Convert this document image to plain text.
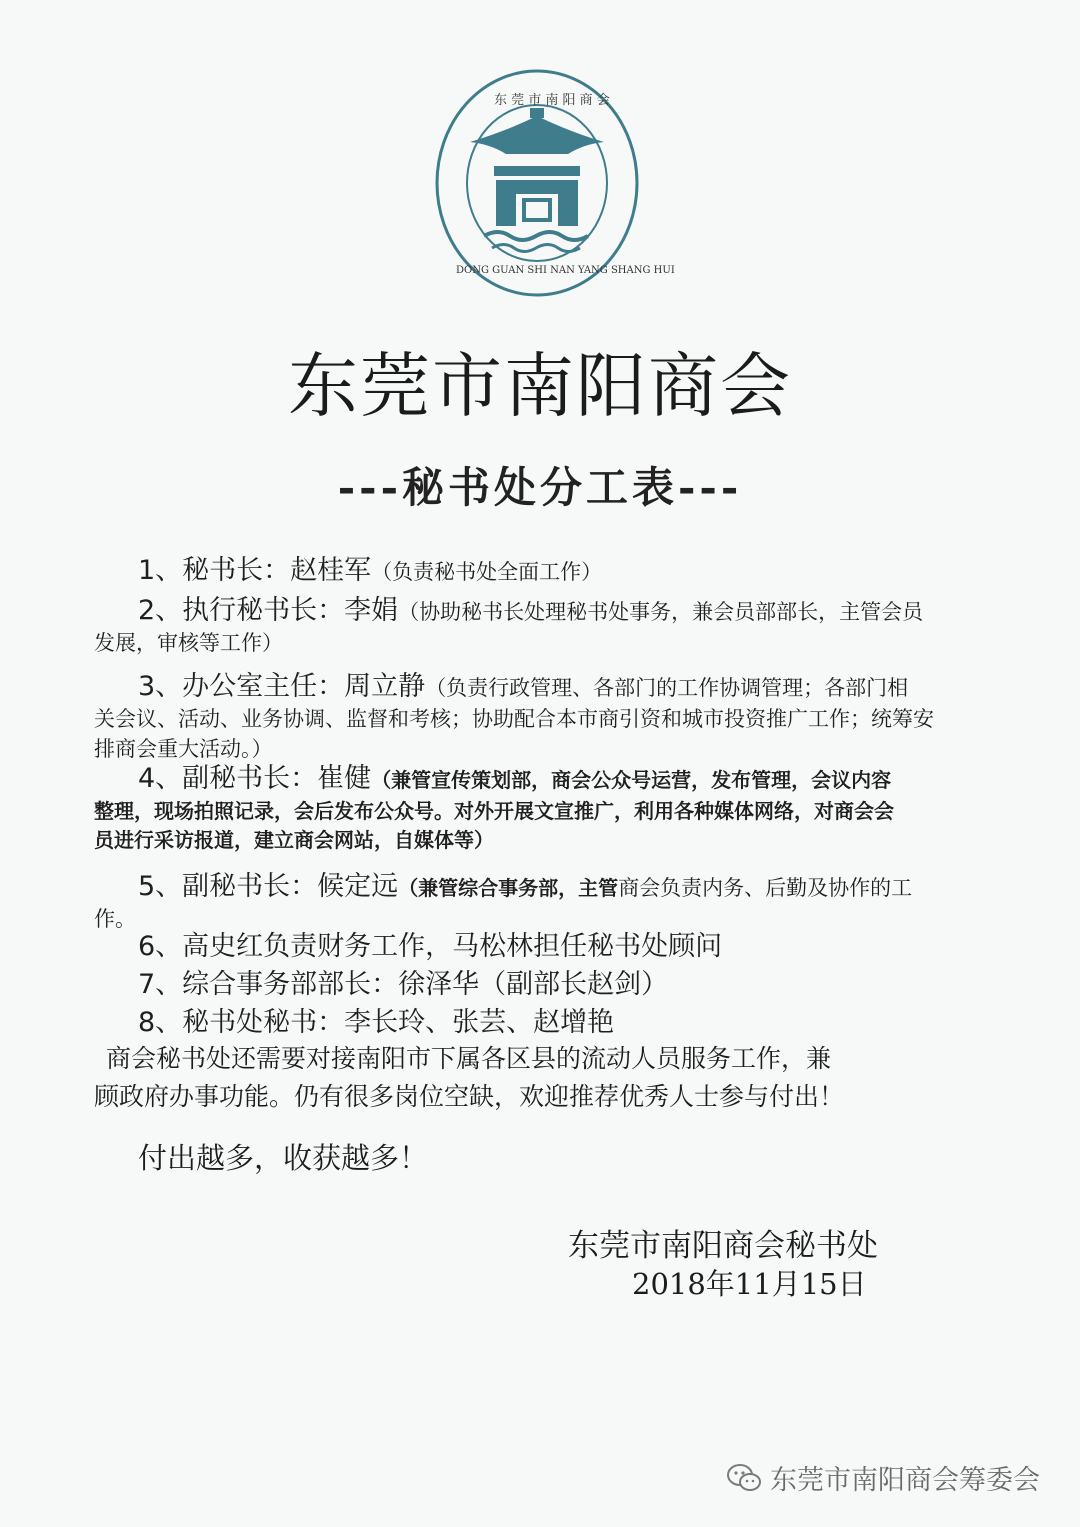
东 莞 市 南 阳 商 会
DONG GUAN SHI NAN YANG SHANG HUI
东莞市南阳商会
---秘书处分工表---
1、秘书长：赵桂军（负责秘书处全面工作）
2、执行秘书长：李娟（协助秘书长处理秘书处事务，兼会员部部长，主管会员
发展，审核等工作）
3、办公室主任：周立静（负责行政管理、各部门的工作协调管理；各部门相
关会议、活动、业务协调、监督和考核；协助配合本市商引资和城市投资推广工作；统筹安
排商会重大活动。）
4、副秘书长：崔健（兼管宣传策划部，商会公众号运营，发布管理，会议内容
整理，现场拍照记录，会后发布公众号。对外开展文宣推广，利用各种媒体网络，对商会会
员进行采访报道，建立商会网站，自媒体等）
5、副秘书长：候定远（兼管综合事务部，主管商会负责内务、后勤及协作的工
作。
6、高史红负责财务工作，马松林担任秘书处顾问
7、综合事务部部长：徐泽华（副部长赵剑）
8、秘书处秘书：李长玲、张芸、赵增艳
商会秘书处还需要对接南阳市下属各区县的流动人员服务工作，兼
顾政府办事功能。仍有很多岗位空缺，欢迎推荐优秀人士参与付出！
付出越多，收获越多！
东莞市南阳商会秘书处
2018年11月15日
东莞市南阳商会筹委会
